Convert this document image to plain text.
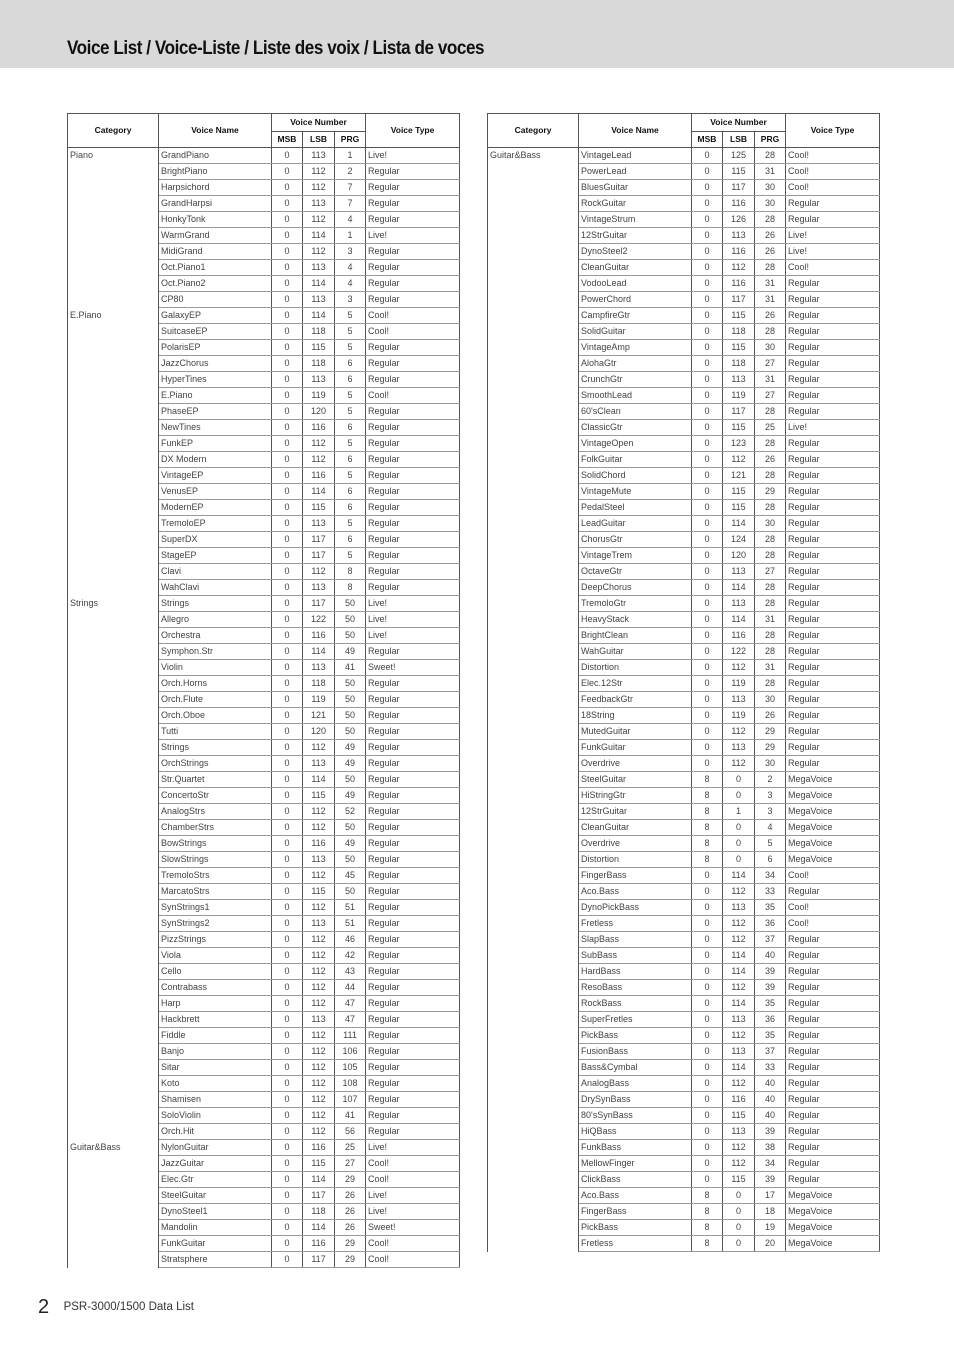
Voice List / Voice-Liste / Liste des voix / Lista de voces
Category	Voice Name	Voice Number			Voice Type
		MSB	LSB	PRG	
Piano	GrandPiano	0	113	1	Live!
	BrightPiano	0	112	2	Regular
	Harpsichord	0	112	7	Regular
	GrandHarpsi	0	113	7	Regular
	HonkyTonk	0	112	4	Regular
	WarmGrand	0	114	1	Live!
	MidiGrand	0	112	3	Regular
	Oct.Piano1	0	113	4	Regular
	Oct.Piano2	0	114	4	Regular
	CP80	0	113	3	Regular
E.Piano	GalaxyEP	0	114	5	Cool!
	SuitcaseEP	0	118	5	Cool!
	PolarisEP	0	115	5	Regular
	JazzChorus	0	118	6	Regular
	HyperTines	0	113	6	Regular
	E.Piano	0	119	5	Cool!
	PhaseEP	0	120	5	Regular
	NewTines	0	116	6	Regular
	FunkEP	0	112	5	Regular
	DX Modern	0	112	6	Regular
	VintageEP	0	116	5	Regular
	VenusEP	0	114	6	Regular
	ModernEP	0	115	6	Regular
	TremoloEP	0	113	5	Regular
	SuperDX	0	117	6	Regular
	StageEP	0	117	5	Regular
	Clavi	0	112	8	Regular
	WahClavi	0	113	8	Regular
Strings	Strings	0	117	50	Live!
	Allegro	0	122	50	Live!
	Orchestra	0	116	50	Live!
	Symphon.Str	0	114	49	Regular
	Violin	0	113	41	Sweet!
	Orch.Horns	0	118	50	Regular
	Orch.Flute	0	119	50	Regular
	Orch.Oboe	0	121	50	Regular
	Tutti	0	120	50	Regular
	Strings	0	112	49	Regular
	OrchStrings	0	113	49	Regular
	Str.Quartet	0	114	50	Regular
	ConcertoStr	0	115	49	Regular
	AnalogStrs	0	112	52	Regular
	ChamberStrs	0	112	50	Regular
	BowStrings	0	116	49	Regular
	SlowStrings	0	113	50	Regular
	TremoloStrs	0	112	45	Regular
	MarcatoStrs	0	115	50	Regular
	SynStrings1	0	112	51	Regular
	SynStrings2	0	113	51	Regular
	PizzStrings	0	112	46	Regular
	Viola	0	112	42	Regular
	Cello	0	112	43	Regular
	Contrabass	0	112	44	Regular
	Harp	0	112	47	Regular
	Hackbrett	0	113	47	Regular
	Fiddle	0	112	111	Regular
	Banjo	0	112	106	Regular
	Sitar	0	112	105	Regular
	Koto	0	112	108	Regular
	Shamisen	0	112	107	Regular
	SoloViolin	0	112	41	Regular
	Orch.Hit	0	112	56	Regular
Guitar&Bass	NylonGuitar	0	116	25	Live!
	JazzGuitar	0	115	27	Cool!
	Elec.Gtr	0	114	29	Cool!
	SteelGuitar	0	117	26	Live!
	DynoSteel1	0	118	26	Live!
	Mandolin	0	114	26	Sweet!
	FunkGuitar	0	116	29	Cool!
	Stratsphere	0	117	29	Cool!
Category	Voice Name	Voice Number			Voice Type
		MSB	LSB	PRG	
Guitar&Bass	VintageLead	0	125	28	Cool!
	PowerLead	0	115	31	Cool!
	BluesGuitar	0	117	30	Cool!
	RockGuitar	0	116	30	Regular
	VintageStrum	0	126	28	Regular
	12StrGuitar	0	113	26	Live!
	DynoSteel2	0	116	26	Live!
	CleanGuitar	0	112	28	Cool!
	VodooLead	0	116	31	Regular
	PowerChord	0	117	31	Regular
	CampfireGtr	0	115	26	Regular
	SolidGuitar	0	118	28	Regular
	VintageAmp	0	115	30	Regular
	AlohaGtr	0	118	27	Regular
	CrunchGtr	0	113	31	Regular
	SmoothLead	0	119	27	Regular
	60'sClean	0	117	28	Regular
	ClassicGtr	0	115	25	Live!
	VintageOpen	0	123	28	Regular
	FolkGuitar	0	112	26	Regular
	SolidChord	0	121	28	Regular
	VintageMute	0	115	29	Regular
	PedalSteel	0	115	28	Regular
	LeadGuitar	0	114	30	Regular
	ChorusGtr	0	124	28	Regular
	VintageTrem	0	120	28	Regular
	OctaveGtr	0	113	27	Regular
	DeepChorus	0	114	28	Regular
	TremoloGtr	0	113	28	Regular
	HeavyStack	0	114	31	Regular
	BrightClean	0	116	28	Regular
	WahGuitar	0	122	28	Regular
	Distortion	0	112	31	Regular
	Elec.12Str	0	119	28	Regular
	FeedbackGtr	0	113	30	Regular
	18String	0	119	26	Regular
	MutedGuitar	0	112	29	Regular
	FunkGuitar	0	113	29	Regular
	Overdrive	0	112	30	Regular
	SteelGuitar	8	0	2	MegaVoice
	HiStringGtr	8	0	3	MegaVoice
	12StrGuitar	8	1	3	MegaVoice
	CleanGuitar	8	0	4	MegaVoice
	Overdrive	8	0	5	MegaVoice
	Distortion	8	0	6	MegaVoice
	FingerBass	0	114	34	Cool!
	Aco.Bass	0	112	33	Regular
	DynoPickBass	0	113	35	Cool!
	Fretless	0	112	36	Cool!
	SlapBass	0	112	37	Regular
	SubBass	0	114	40	Regular
	HardBass	0	114	39	Regular
	ResoBass	0	112	39	Regular
	RockBass	0	114	35	Regular
	SuperFretles	0	113	36	Regular
	PickBass	0	112	35	Regular
	FusionBass	0	113	37	Regular
	Bass&Cymbal	0	114	33	Regular
	AnalogBass	0	112	40	Regular
	DrySynBass	0	116	40	Regular
	80'sSynBass	0	115	40	Regular
	HiQBass	0	113	39	Regular
	FunkBass	0	112	38	Regular
	MellowFinger	0	112	34	Regular
	ClickBass	0	115	39	Regular
	Aco.Bass	8	0	17	MegaVoice
	FingerBass	8	0	18	MegaVoice
	PickBass	8	0	19	MegaVoice
	Fretless	8	0	20	MegaVoice
2 PSR-3000/1500 Data List
